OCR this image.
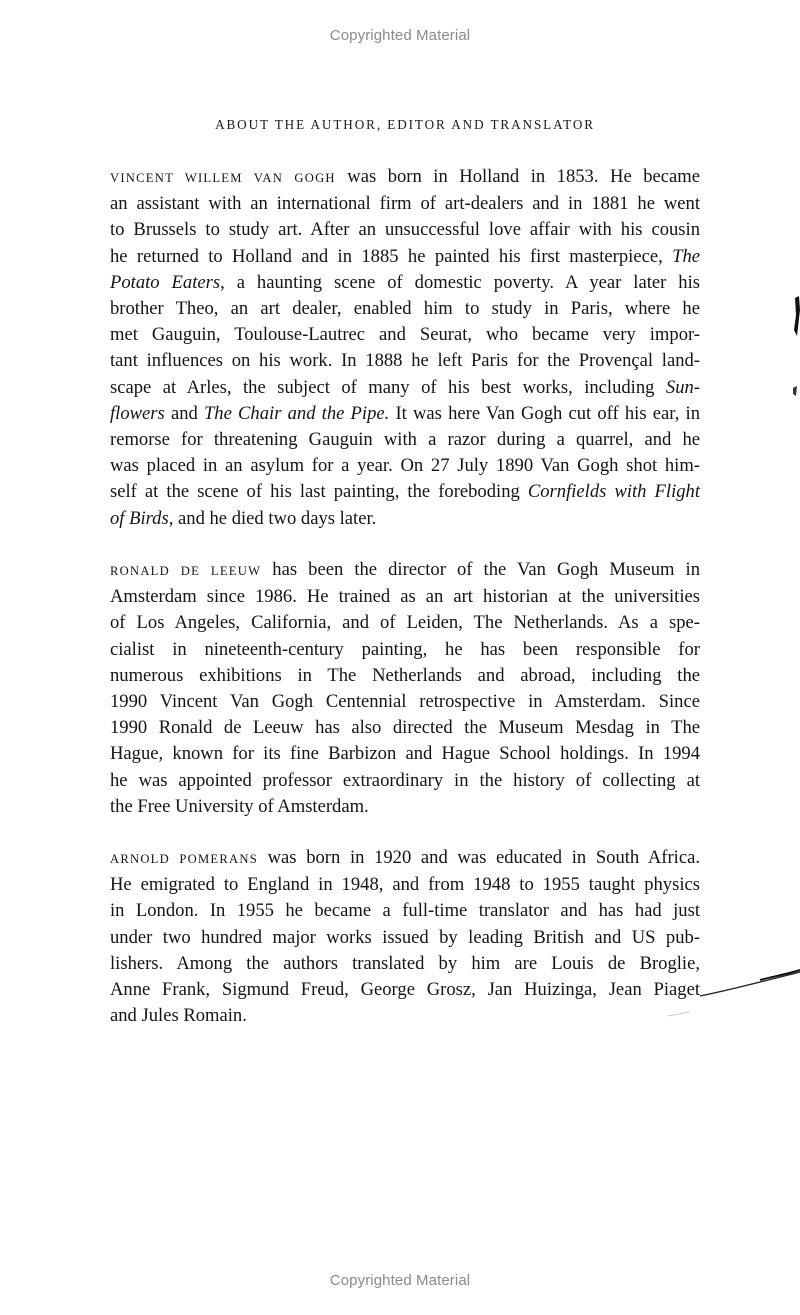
Copyrighted Material
ABOUT THE AUTHOR, EDITOR AND TRANSLATOR
VINCENT WILLEM VAN GOGH was born in Holland in 1853. He became
an assistant with an international firm of art-dealers and in 1881 he went
to Brussels to study art. After an unsuccessful love affair with his cousin
he returned to Holland and in 1885 he painted his first masterpiece, The
Potato Eaters, a haunting scene of domestic poverty. A year later his
brother Theo, an art dealer, enabled him to study in Paris, where he
met Gauguin, Toulouse-Lautrec and Seurat, who became very impor-
tant influences on his work. In 1888 he left Paris for the Provençal land-
scape at Arles, the subject of many of his best works, including Sun-
flowers and The Chair and the Pipe. It was here Van Gogh cut off his ear, in
remorse for threatening Gauguin with a razor during a quarrel, and he
was placed in an asylum for a year. On 27 July 1890 Van Gogh shot him-
self at the scene of his last painting, the foreboding Cornfields with Flight
of Birds, and he died two days later.
RONALD DE LEEUW has been the director of the Van Gogh Museum in
Amsterdam since 1986. He trained as an art historian at the universities
of Los Angeles, California, and of Leiden, The Netherlands. As a spe-
cialist in nineteenth-century painting, he has been responsible for
numerous exhibitions in The Netherlands and abroad, including the
1990 Vincent Van Gogh Centennial retrospective in Amsterdam. Since
1990 Ronald de Leeuw has also directed the Museum Mesdag in The
Hague, known for its fine Barbizon and Hague School holdings. In 1994
he was appointed professor extraordinary in the history of collecting at
the Free University of Amsterdam.
ARNOLD POMERANS was born in 1920 and was educated in South Africa.
He emigrated to England in 1948, and from 1948 to 1955 taught physics
in London. In 1955 he became a full-time translator and has had just
under two hundred major works issued by leading British and US pub-
lishers. Among the authors translated by him are Louis de Broglie,
Anne Frank, Sigmund Freud, George Grosz, Jan Huizinga, Jean Piaget
and Jules Romain.
Copyrighted Material
